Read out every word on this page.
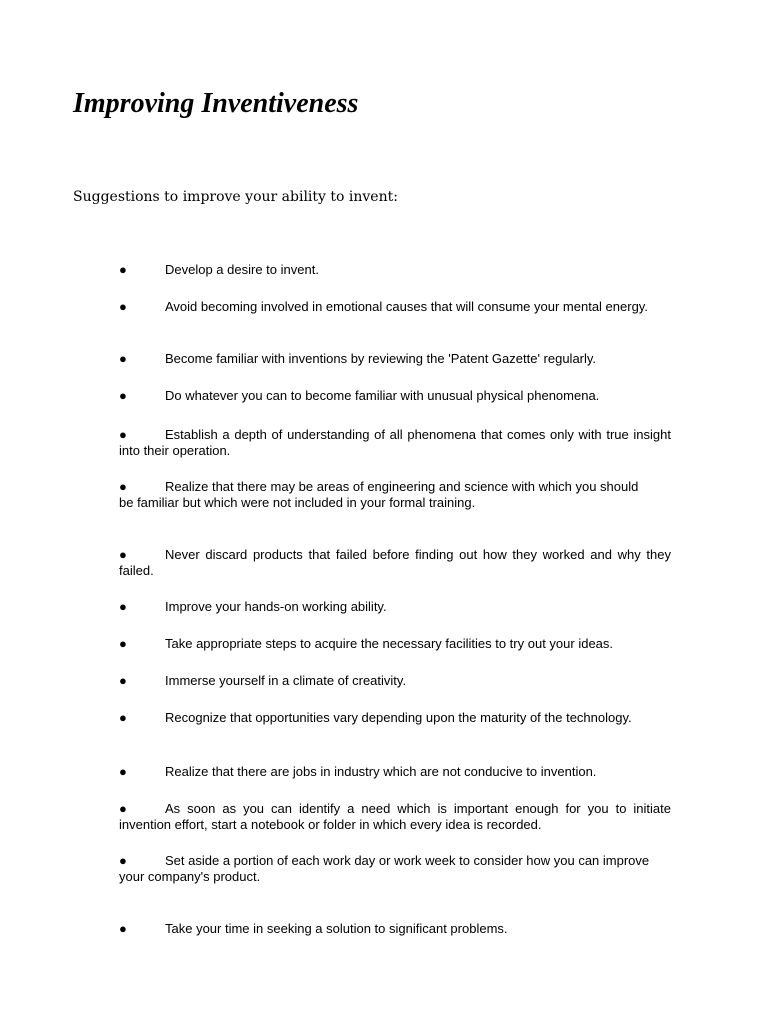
Improving Inventiveness

Suggestions to improve your ability to invent:

●	Develop a desire to invent.
●	Avoid becoming involved in emotional causes that will consume your mental energy.
●	Become familiar with inventions by reviewing the 'Patent Gazette' regularly.
●	Do whatever you can to become familiar with unusual physical phenomena.
●	Establish a depth of understanding of all phenomena that comes only with true insight into their operation.
●	Realize that there may be areas of engineering and science with which you should
be familiar but which were not included in your formal training.
●	Never discard products that failed before finding out how they worked and why they failed.
●	Improve your hands-on working ability.
●	Take appropriate steps to acquire the necessary facilities to try out your ideas.
●	Immerse yourself in a climate of creativity.
●	Recognize that opportunities vary depending upon the maturity of the technology.
●	Realize that there are jobs in industry which are not conducive to invention.
●	As soon as you can identify a need which is important enough for you to initiate invention effort, start a notebook or folder in which every idea is recorded.
●	Set aside a portion of each work day or work week to consider how you can improve
your company's product.
●	Take your time in seeking a solution to significant problems.
